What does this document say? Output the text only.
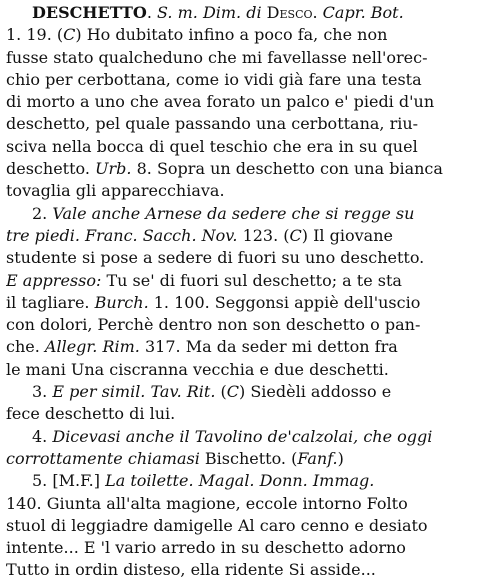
DESCHETTO. S. m. Dim. di Desco. Capr. Bot.
1. 19. (C) Ho dubitato infino a poco fa, che non
fusse stato qualcheduno che mi favellasse nell'orec-
chio per cerbottana, come io vidi già fare una testa
di morto a uno che avea forato un palco e' piedi d'un
deschetto, pel quale passando una cerbottana, riu-
sciva nella bocca di quel teschio che era in su quel
deschetto. Urb. 8. Sopra un deschetto con una bianca
tovaglia gli apparecchiava.
2. Vale anche Arnese da sedere che si regge su
tre piedi. Franc. Sacch. Nov. 123. (C) Il giovane
studente si pose a sedere di fuori su uno deschetto.
E appresso: Tu se' di fuori sul deschetto; a te sta
il tagliare. Burch. 1. 100. Seggonsi appiè dell'uscio
con dolori, Perchè dentro non son deschetto o pan-
che. Allegr. Rim. 317. Ma da seder mi detton fra
le mani Una ciscranna vecchia e due deschetti.
3. E per simil. Tav. Rit. (C) Siedèli addosso e
fece deschetto di lui.
4. Dicevasi anche il Tavolino de'calzolai, che oggi
corrottamente chiamasi Bischetto. (Fanf.)
5. [M.F.] La toilette. Magal. Donn. Immag.
140. Giunta all'alta magione, eccole intorno Folto
stuol di leggiadre damigelle Al caro cenno e desiato
intente... E 'l vario arredo in su deschetto adorno
Tutto in ordin disteso, ella ridente Si asside...
